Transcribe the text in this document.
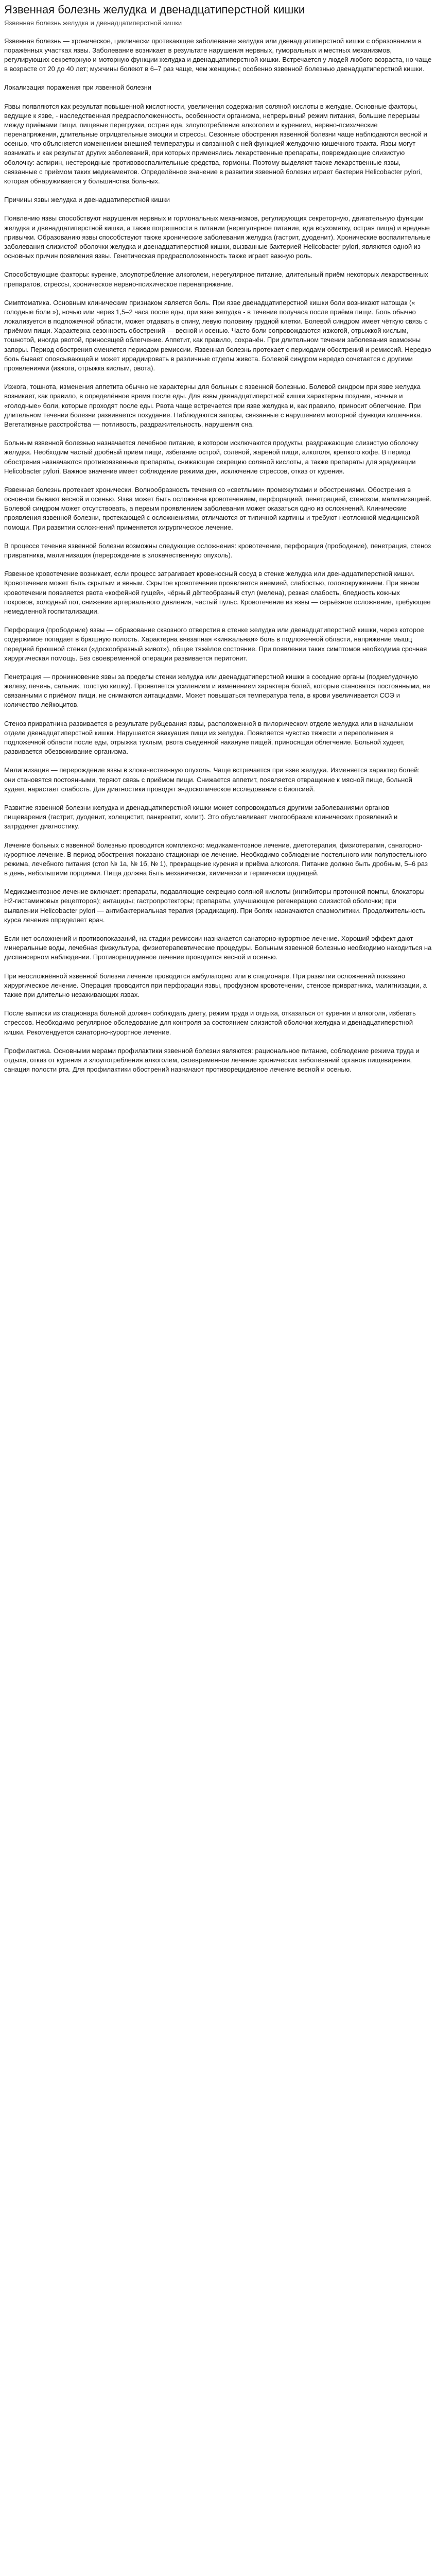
Язвенная болезнь желудка и двенадцатиперстной кишки
Язвенная болезнь желудка и двенадцатиперстной кишки

Язвенная болезнь — хроническое, циклически протекающее заболевание желудка или двенадцатиперстной кишки с образованием в поражённых участках язвы. Заболевание возникает в результате нарушения нервных, гуморальных и местных механизмов, регулирующих секреторную и моторную функции желудка и двенадцатиперстной кишки. Встречается у людей любого возраста, но чаще в возрасте от 20 до 40 лет; мужчины болеют в 6–7 раз чаще, чем женщины; особенно язвенной болезнью двенадцатиперстной кишки.

Локализация поражения при язвенной болезни

Язвы появляются как результат повышенной кислотности, увеличения содержания соляной кислоты в желудке. Основные факторы, ведущие к язве, - наследственная предрасположенность, особенности организма, непрерывный режим питания, большие перерывы между приёмами пищи, пищевые перегрузки, острая еда, злоупотребление алкоголем и курением, нервно-психические перенапряжения, длительные отрицательные эмоции и стрессы. Сезонные обострения язвенной болезни чаще наблюдаются весной и осенью, что объясняется изменением внешней температуры и связанной с ней функцией желудочно-кишечного тракта. Язвы могут возникать и как результат других заболеваний, при которых применялись лекарственные препараты, повреждающие слизистую оболочку: аспирин, нестероидные противовоспалительные средства, гормоны. Поэтому выделяют также лекарственные язвы, связанные с приёмом таких медикаментов. Определённое значение в развитии язвенной болезни играет бактерия Helicobacter pylori, которая обнаруживается у большинства больных.

Причины язвы желудка и двенадцатиперстной кишки

Появлению язвы способствуют нарушения нервных и гормональных механизмов, регулирующих секреторную, двигательную функции желудка и двенадцатиперстной кишки, а также погрешности в питании (нерегулярное питание, еда всухомятку, острая пища) и вредные привычки. Образованию язвы способствуют также хронические заболевания желудка (гастрит, дуоденит). Хронические воспалительные заболевания слизистой оболочки желудка и двенадцатиперстной кишки, вызванные бактерией Helicobacter pylori, являются одной из основных причин появления язвы. Генетическая предрасположенность также играет важную роль.

Способствующие факторы: курение, злоупотребление алкоголем, нерегулярное питание, длительный приём некоторых лекарственных препаратов, стрессы, хроническое нервно-психическое перенапряжение.

Симптоматика. Основным клиническим признаком является боль. При язве двенадцатиперстной кишки боли возникают натощак (« голодные боли »), ночью или через 1,5–2 часа после еды, при язве желудка - в течение получаса после приёма пищи. Боль обычно локализуется в подложечной области, может отдавать в спину, левую половину грудной клетки. Болевой синдром имеет чёткую связь с приёмом пищи. Характерна сезонность обострений — весной и осенью. Часто боли сопровождаются изжогой, отрыжкой кислым, тошнотой, иногда рвотой, приносящей облегчение. Аппетит, как правило, сохранён. При длительном течении заболевания возможны запоры. Период обострения сменяется периодом ремиссии. Язвенная болезнь протекает с периодами обострений и ремиссий. Нередко боль бывает опоясывающей и может иррадиировать в различные отделы живота. Болевой синдром нередко сочетается с другими проявлениями (изжога, отрыжка кислым, рвота).

Изжога, тошнота, изменения аппетита обычно не характерны для больных с язвенной болезнью. Болевой синдром при язве желудка возникает, как правило, в определённое время после еды. Для язвы двенадцатиперстной кишки характерны поздние, ночные и «голодные» боли, которые проходят после еды. Рвота чаще встречается при язве желудка и, как правило, приносит облегчение. При длительном течении болезни развивается похудание. Наблюдаются запоры, связанные с нарушением моторной функции кишечника. Вегетативные расстройства — потливость, раздражительность, нарушения сна.

Больным язвенной болезнью назначается лечебное питание, в котором исключаются продукты, раздражающие слизистую оболочку желудка. Необходим частый дробный приём пищи, избегание острой, солёной, жареной пищи, алкоголя, крепкого кофе. В период обострения назначаются противоязвенные препараты, снижающие секрецию соляной кислоты, а также препараты для эрадикации Helicobacter pylori. Важное значение имеет соблюдение режима дня, исключение стрессов, отказ от курения.

Язвенная болезнь протекает хронически. Волнообразность течения со «светлыми» промежутками и обострениями. Обострения в основном бывают весной и осенью. Язва может быть осложнена кровотечением, перфорацией, пенетрацией, стенозом, малигнизацией. Болевой синдром может отсутствовать, а первым проявлением заболевания может оказаться одно из осложнений. Клинические проявления язвенной болезни, протекающей с осложнениями, отличаются от типичной картины и требуют неотложной медицинской помощи. При развитии осложнений применяется хирургическое лечение.

В процессе течения язвенной болезни возможны следующие осложнения: кровотечение, перфорация (прободение), пенетрация, стеноз привратника, малигнизация (перерождение в злокачественную опухоль).

Язвенное кровотечение возникает, если процесс затрагивает кровеносный сосуд в стенке желудка или двенадцатиперстной кишки. Кровотечение может быть скрытым и явным. Скрытое кровотечение проявляется анемией, слабостью, головокружением. При явном кровотечении появляется рвота «кофейной гущей», чёрный дёгтеобразный стул (мелена), резкая слабость, бледность кожных покровов, холодный пот, снижение артериального давления, частый пульс. Кровотечение из язвы — серьёзное осложнение, требующее немедленной госпитализации.

Перфорация (прободение) язвы — образование сквозного отверстия в стенке желудка или двенадцатиперстной кишки, через которое содержимое попадает в брюшную полость. Характерна внезапная «кинжальная» боль в подложечной области, напряжение мышц передней брюшной стенки («доскообразный живот»), общее тяжёлое состояние. При появлении таких симптомов необходима срочная хирургическая помощь. Без своевременной операции развивается перитонит.

Пенетрация — проникновение язвы за пределы стенки желудка или двенадцатиперстной кишки в соседние органы (поджелудочную железу, печень, сальник, толстую кишку). Проявляется усилением и изменением характера болей, которые становятся постоянными, не связанными с приёмом пищи, не снимаются антацидами. Может повышаться температура тела, в крови увеличивается СОЭ и количество лейкоцитов.

Стеноз привратника развивается в результате рубцевания язвы, расположенной в пилорическом отделе желудка или в начальном отделе двенадцатиперстной кишки. Нарушается эвакуация пищи из желудка. Появляется чувство тяжести и переполнения в подложечной области после еды, отрыжка тухлым, рвота съеденной накануне пищей, приносящая облегчение. Больной худеет, развивается обезвоживание организма.

Малигнизация — перерождение язвы в злокачественную опухоль. Чаще встречается при язве желудка. Изменяется характер болей: они становятся постоянными, теряют связь с приёмом пищи. Снижается аппетит, появляется отвращение к мясной пище, больной худеет, нарастает слабость. Для диагностики проводят эндоскопическое исследование с биопсией.

Развитие язвенной болезни желудка и двенадцатиперстной кишки может сопровождаться другими заболеваниями органов пищеварения (гастрит, дуоденит, холецистит, панкреатит, колит). Это обуславливает многообразие клинических проявлений и затрудняет диагностику.

Лечение больных с язвенной болезнью проводится комплексно: медикаментозное лечение, диетотерапия, физиотерапия, санаторно-курортное лечение. В период обострения показано стационарное лечение. Необходимо соблюдение постельного или полупостельного режима, лечебного питания (стол № 1а, № 1б, № 1), прекращение курения и приёма алкоголя. Питание должно быть дробным, 5–6 раз в день, небольшими порциями. Пища должна быть механически, химически и термически щадящей.

Медикаментозное лечение включает: препараты, подавляющие секрецию соляной кислоты (ингибиторы протонной помпы, блокаторы H2-гистаминовых рецепторов); антациды; гастропротекторы; препараты, улучшающие регенерацию слизистой оболочки; при выявлении Helicobacter pylori — антибактериальная терапия (эрадикация). При болях назначаются спазмолитики. Продолжительность курса лечения определяет врач.

Если нет осложнений и противопоказаний, на стадии ремиссии назначается санаторно-курортное лечение. Хороший эффект дают минеральные воды, лечебная физкультура, физиотерапевтические процедуры. Больным язвенной болезнью необходимо находиться на диспансерном наблюдении. Противорецидивное лечение проводится весной и осенью.

При неосложнённой язвенной болезни лечение проводится амбулаторно или в стационаре. При развитии осложнений показано хирургическое лечение. Операция проводится при перфорации язвы, профузном кровотечении, стенозе привратника, малигнизации, а также при длительно незаживающих язвах.

После выписки из стационара больной должен соблюдать диету, режим труда и отдыха, отказаться от курения и алкоголя, избегать стрессов. Необходимо регулярное обследование для контроля за состоянием слизистой оболочки желудка и двенадцатиперстной кишки. Рекомендуется санаторно-курортное лечение.

Профилактика. Основными мерами профилактики язвенной болезни являются: рациональное питание, соблюдение режима труда и отдыха, отказ от курения и злоупотребления алкоголем, своевременное лечение хронических заболеваний органов пищеварения, санация полости рта. Для профилактики обострений назначают противорецидивное лечение весной и осенью.
